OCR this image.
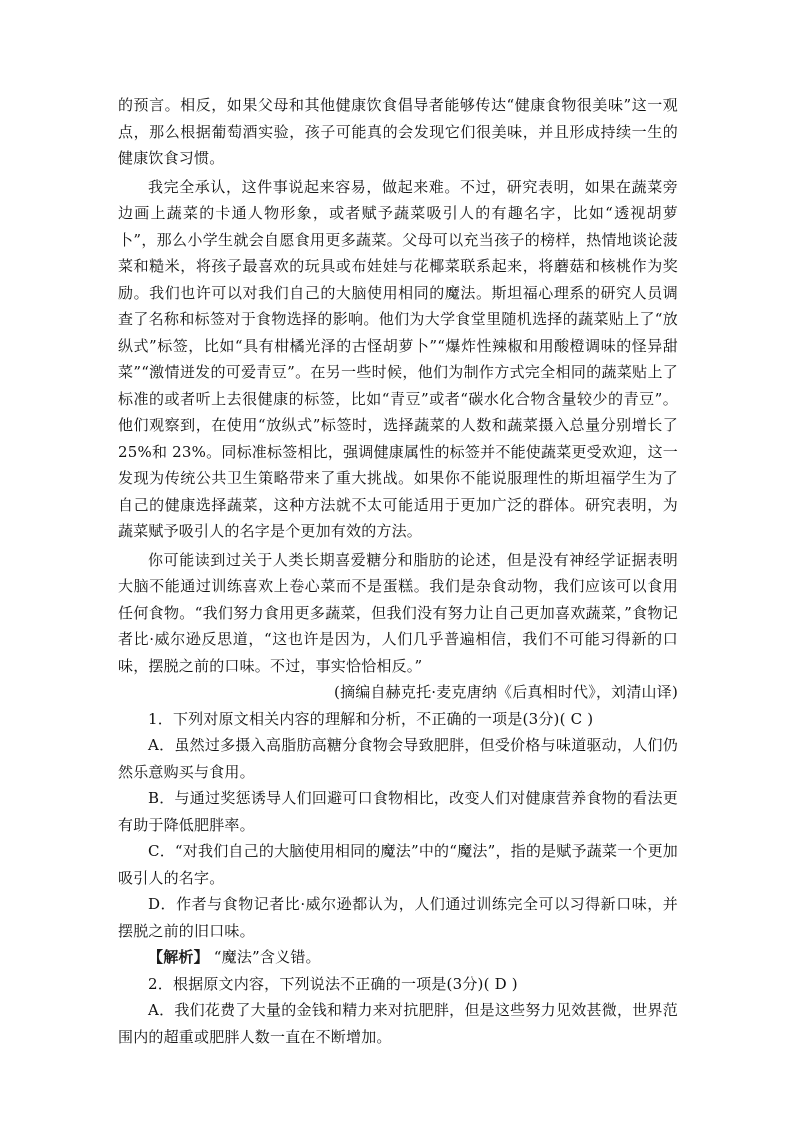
的预言。相反，如果父母和其他健康饮食倡导者能够传达“健康食物很美味”这一观点，那么根据葡萄酒实验，孩子可能真的会发现它们很美味，并且形成持续一生的健康饮食习惯。

我完全承认，这件事说起来容易，做起来难。不过，研究表明，如果在蔬菜旁边画上蔬菜的卡通人物形象，或者赋予蔬菜吸引人的有趣名字，比如“透视胡萝卜”，那么小学生就会自愿食用更多蔬菜。父母可以充当孩子的榜样，热情地谈论菠菜和糙米，将孩子最喜欢的玩具或布娃娃与花椰菜联系起来，将蘑菇和核桃作为奖励。我们也许可以对我们自己的大脑使用相同的魔法。斯坦福心理系的研究人员调查了名称和标签对于食物选择的影响。他们为大学食堂里随机选择的蔬菜贴上了“放纵式”标签，比如“具有柑橘光泽的古怪胡萝卜”“爆炸性辣椒和用酸橙调味的怪异甜菜”“激情迸发的可爱青豆”。在另一些时候，他们为制作方式完全相同的蔬菜贴上了标准的或者听上去很健康的标签，比如“青豆”或者“碳水化合物含量较少的青豆”。他们观察到，在使用“放纵式”标签时，选择蔬菜的人数和蔬菜摄入总量分别增长了 25%和 23%。同标准标签相比，强调健康属性的标签并不能使蔬菜更受欢迎，这一发现为传统公共卫生策略带来了重大挑战。如果你不能说服理性的斯坦福学生为了自己的健康选择蔬菜，这种方法就不太可能适用于更加广泛的群体。研究表明，为蔬菜赋予吸引人的名字是个更加有效的方法。

你可能读到过关于人类长期喜爱糖分和脂肪的论述，但是没有神经学证据表明大脑不能通过训练喜欢上卷心菜而不是蛋糕。我们是杂食动物，我们应该可以食用任何食物。“我们努力食用更多蔬菜，但我们没有努力让自己更加喜欢蔬菜，”食物记者比·威尔逊反思道，“这也许是因为，人们几乎普遍相信，我们不可能习得新的口味，摆脱之前的口味。不过，事实恰恰相反。”

(摘编自赫克托·麦克唐纳《后真相时代》，刘清山译)

1．下列对原文相关内容的理解和分析，不正确的一项是(3分)( C )

A．虽然过多摄入高脂肪高糖分食物会导致肥胖，但受价格与味道驱动，人们仍然乐意购买与食用。

B．与通过奖惩诱导人们回避可口食物相比，改变人们对健康营养食物的看法更有助于降低肥胖率。

C．“对我们自己的大脑使用相同的魔法”中的“魔法”，指的是赋予蔬菜一个更加吸引人的名字。

D．作者与食物记者比·威尔逊都认为，人们通过训练完全可以习得新口味，并摆脱之前的旧口味。

【解析】 “魔法”含义错。

2．根据原文内容，下列说法不正确的一项是(3分)( D )

A．我们花费了大量的金钱和精力来对抗肥胖，但是这些努力见效甚微，世界范围内的超重或肥胖人数一直在不断增加。
